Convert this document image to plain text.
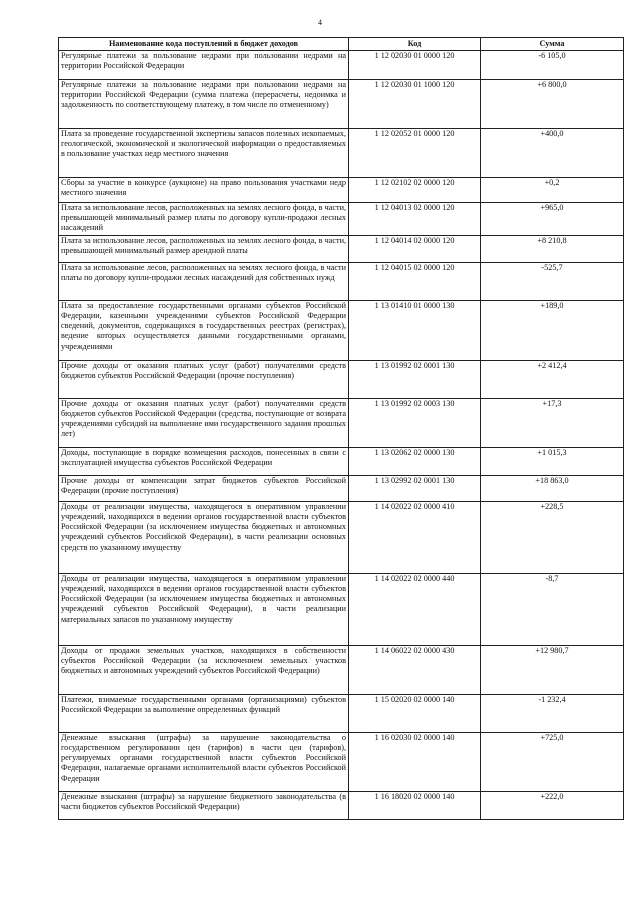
4
Наименование кода поступлений в бюджет доходов	Код	Сумма
Регулярные платежи за пользование недрами при пользовании недрами на территории Российской Федерации	1 12 02030 01 0000 120	-6 105,0
Регулярные платежи за пользование недрами при пользовании недрами на территории Российской Федерации (сумма платежа (перерасчеты, недоимка и задолженность по соответствующему платежу, в том числе по отмененному)	1 12 02030 01 1000 120	+6 800,0
Плата за проведение государственной экспертизы запасов полезных ископаемых, геологической, экономической и экологической информации о предоставляемых в пользование участках недр местного значения	1 12 02052 01 0000 120	+400,0
Сборы за участие в конкурсе (аукционе) на право пользования участками недр местного значения	1 12 02102 02 0000 120	+0,2
Плата за использование лесов, расположенных на землях лесного фонда, в части, превышающей минимальный размер платы по договору купли-продажи лесных насаждений	1 12 04013 02 0000 120	+965,0
Плата за использование лесов, расположенных на землях лесного фонда, в части, превышающей минимальный размер арендной платы	1 12 04014 02 0000 120	+8 210,8
Плата за использование лесов, расположенных на землях лесного фонда, в части платы по договору купли-продажи лесных насаждений для собственных нужд	1 12 04015 02 0000 120	-525,7
Плата за предоставление государственными органами субъектов Российской Федерации, казенными учреждениями субъектов Российской Федерации сведений, документов, содержащихся в государственных реестрах (регистрах), ведение которых осуществляется данными государственными органами, учреждениями	1 13 01410 01 0000 130	+189,0
Прочие доходы от оказания платных услуг (работ) получателями средств бюджетов субъектов Российской Федерации (прочие поступления)	1 13 01992 02 0001 130	+2 412,4
Прочие доходы от оказания платных услуг (работ) получателями средств бюджетов субъектов Российской Федерации (средства, поступающие от возврата учреждениями субсидий на выполнение ими государственного задания прошлых лет)	1 13 01992 02 0003 130	+17,3
Доходы, поступающие в порядке возмещения расходов, понесенных в связи с эксплуатацией имущества субъектов Российской Федерации	1 13 02062 02 0000 130	+1 015,3
Прочие доходы от компенсации затрат бюджетов субъектов Российской Федерации (прочие поступления)	1 13 02992 02 0001 130	+18 863,0
Доходы от реализации имущества, находящегося в оперативном управлении учреждений, находящихся в ведении органов государственной власти субъектов Российской Федерации (за исключением имущества бюджетных и автономных учреждений субъектов Российской Федерации), в части реализации основных средств по указанному имуществу	1 14 02022 02 0000 410	+228,5
Доходы от реализации имущества, находящегося в оперативном управлении учреждений, находящихся в ведении органов государственной власти субъектов Российской Федерации (за исключением имущества бюджетных и автономных учреждений субъектов Российской Федерации), в части реализации материальных запасов по указанному имуществу	1 14 02022 02 0000 440	-8,7
Доходы от продажи земельных участков, находящихся в собственности субъектов Российской Федерации (за исключением земельных участков бюджетных и автономных учреждений субъектов Российской Федерации)	1 14 06022 02 0000 430	+12 980,7
Платежи, взимаемые государственными органами (организациями) субъектов Российской Федерации за выполнение определенных функций	1 15 02020 02 0000 140	-1 232,4
Денежные взыскания (штрафы) за нарушение законодательства о государственном регулировании цен (тарифов) в части цен (тарифов), регулируемых органами государственной власти субъектов Российской Федерации, налагаемые органами исполнительной власти субъектов Российской Федерации	1 16 02030 02 0000 140	+725,0
Денежные взыскания (штрафы) за нарушение бюджетного законодательства (в части бюджетов субъектов Российской Федерации)	1 16 18020 02 0000 140	+222,0
